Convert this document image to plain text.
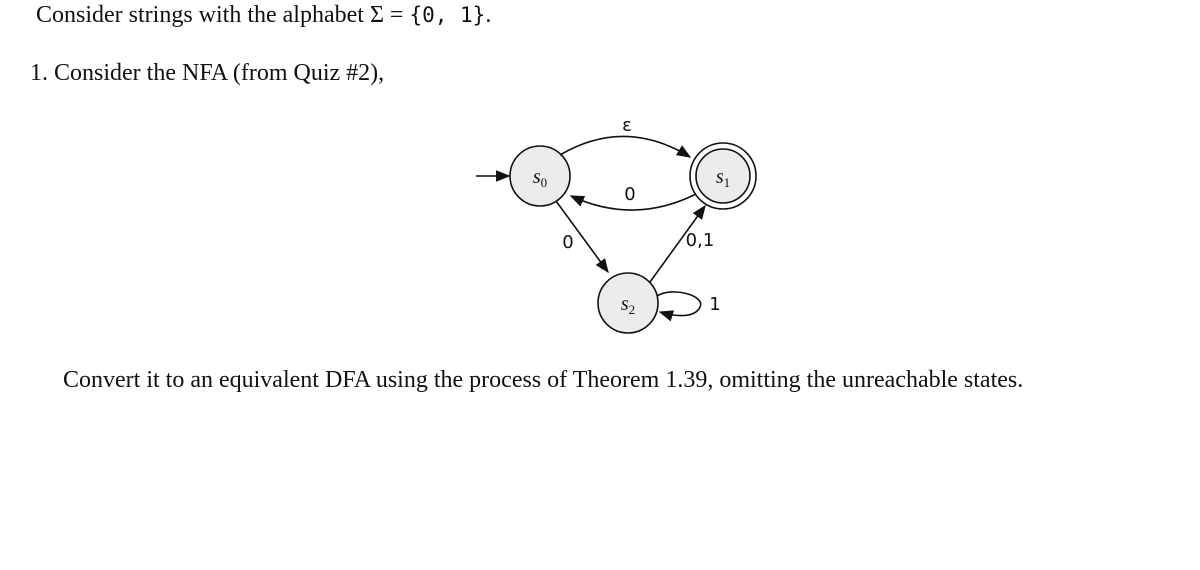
Consider strings with the alphabet Σ = {0, 1}.
1. Consider the NFA (from Quiz #2),
$s_0$	$s_1$
$s_2$
ε
0
0	0,1
1
Convert it to an equivalent DFA using the process of Theorem 1.39, omitting the unreachable states.
